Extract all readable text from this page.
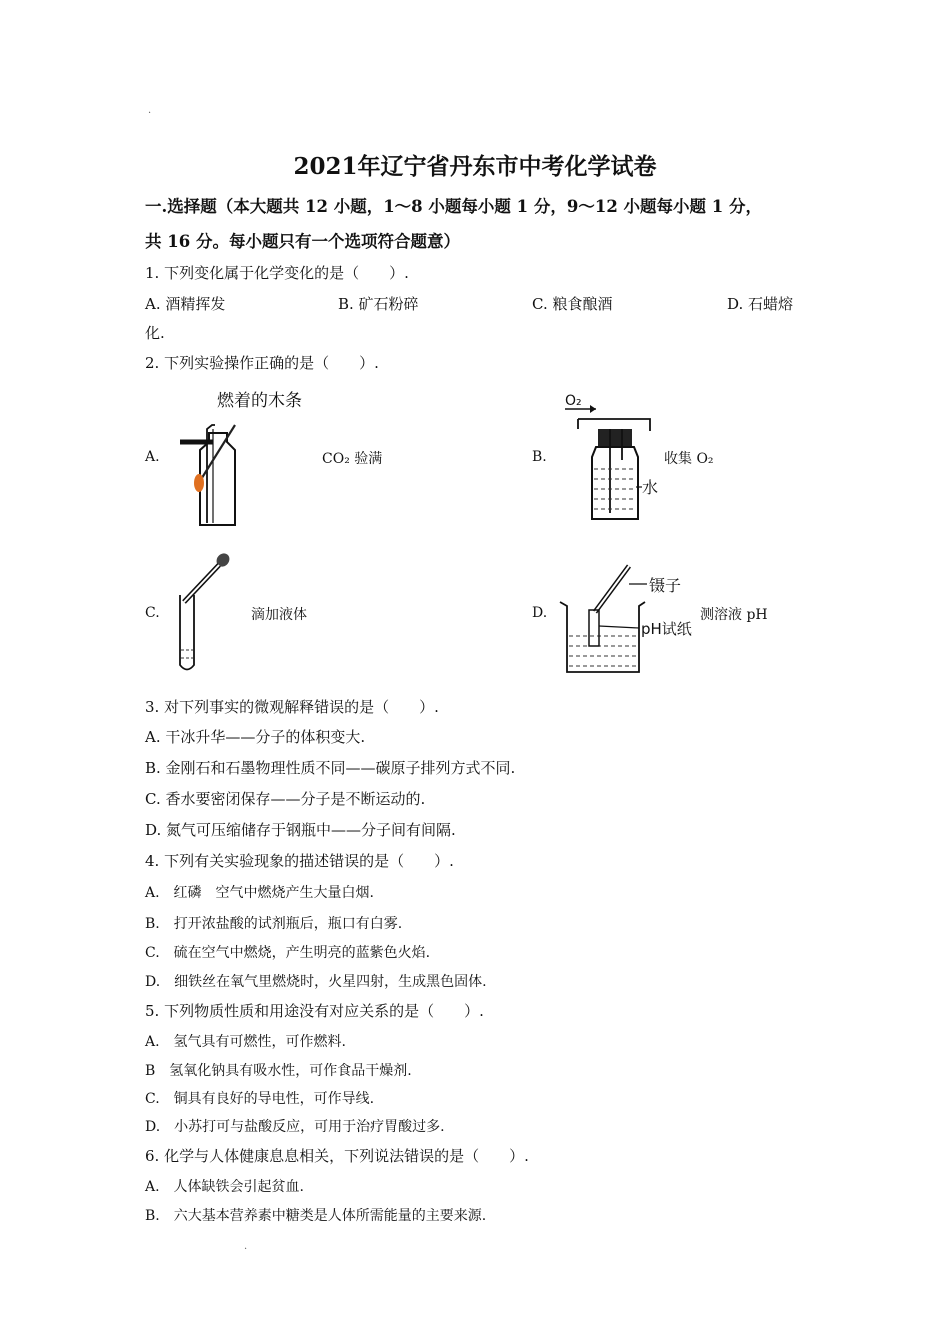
·
2021年辽宁省丹东市中考化学试卷
一.选择题（本大题共 12 小题，1～8 小题每小题 1 分，9～12 小题每小题 1 分，
共 16 分。每小题只有一个选项符合题意）
1. 下列变化属于化学变化的是（　　）.
A. 酒精挥发	B. 矿石粉碎	C. 粮食酿酒	D. 石蜡熔
化.
2. 下列实验操作正确的是（　　）.
A.
燃着的木条
CO₂ 验满	B.
O₂
水
收集 O₂
C.	滴加液体	D.
镊子
pH试纸
测溶液 pH
3. 对下列事实的微观解释错误的是（　　）.
A. 干冰升华——分子的体积变大.
B. 金刚石和石墨物理性质不同——碳原子排列方式不同.
C. 香水要密闭保存——分子是不断运动的.
D. 氮气可压缩储存于钢瓶中——分子间有间隔.
4. 下列有关实验现象的描述错误的是（　　）.
A.　红磷　空气中燃烧产生大量白烟.
B.　打开浓盐酸的试剂瓶后，瓶口有白雾.
C.　硫在空气中燃烧，产生明亮的蓝紫色火焰.
D.　细铁丝在氧气里燃烧时，火星四射，生成黑色固体.
5. 下列物质性质和用途没有对应关系的是（　　）.
A.　氢气具有可燃性，可作燃料.
B　氢氧化钠具有吸水性，可作食品干燥剂.
C.　铜具有良好的导电性，可作导线.
D.　小苏打可与盐酸反应，可用于治疗胃酸过多.
6. 化学与人体健康息息相关，下列说法错误的是（　　）.
A.　人体缺铁会引起贫血.
B.　六大基本营养素中糖类是人体所需能量的主要来源.
·
